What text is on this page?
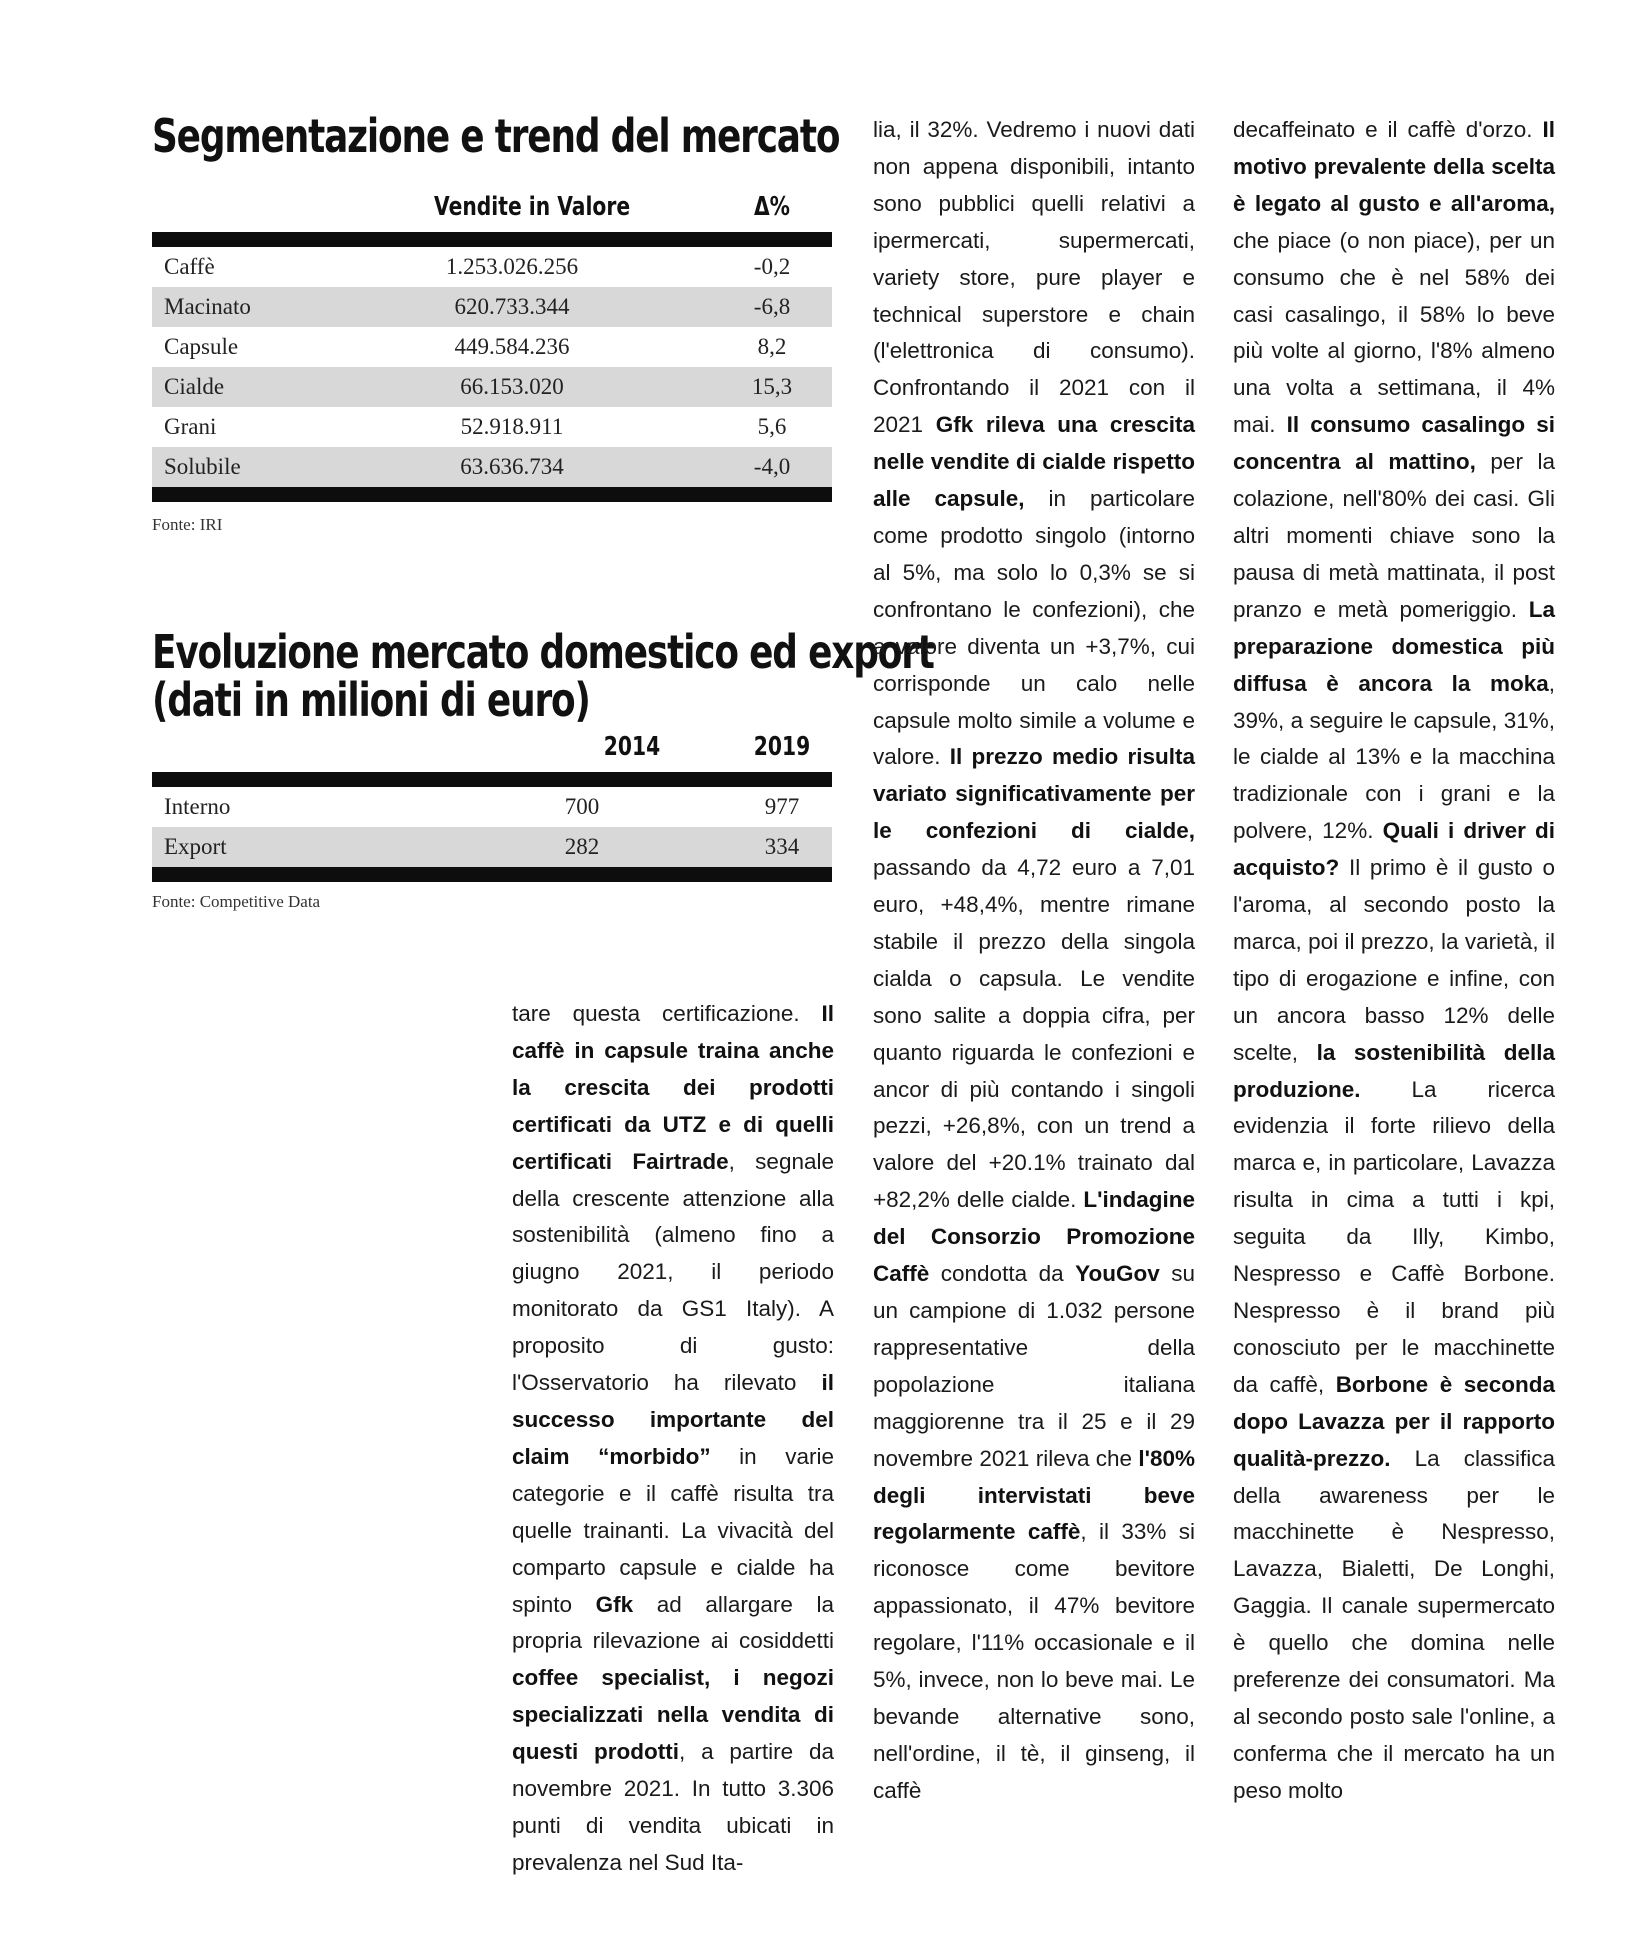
Segmentazione e trend del mercato
Vendite in Valore	Δ%
Caffè	1.253.026.256	-0,2
Macinato	620.733.344	-6,8
Capsule	449.584.236	8,2
Cialde	66.153.020	15,3
Grani	52.918.911	5,6
Solubile	63.636.734	-4,0
Fonte: IRI
Evoluzione mercato domestico ed export
(dati in milioni di euro)
2014	2019
Interno	700	977
Export	282	334
Fonte: Competitive Data

tare questa certificazione. Il caffè in capsule traina anche la crescita dei prodotti certificati da UTZ e di quelli certificati Fairtrade, segnale della crescente attenzione alla sostenibilità (almeno fino a giugno 2021, il periodo monitorato da GS1 Italy). A proposito di gusto: l'Osservatorio ha rilevato il successo importante del claim “morbido” in varie categorie e il caffè risulta tra quelle trainanti. La vivacità del comparto capsule e cialde ha spinto Gfk ad allargare la propria rilevazione ai cosiddetti coffee specialist, i negozi specializzati nella vendita di questi prodotti, a partire da novembre 2021. In tutto 3.306 punti di vendita ubicati in prevalenza nel Sud Ita-

lia, il 32%. Vedremo i nuovi dati non appena disponibili, intanto sono pubblici quelli relativi a ipermercati, supermercati, variety store, pure player e technical superstore e chain (l'elettronica di consumo). Confrontando il 2021 con il 2021 Gfk rileva una crescita nelle vendite di cialde rispetto alle capsule, in particolare come prodotto singolo (intorno al 5%, ma solo lo 0,3% se si confrontano le confezioni), che a valore diventa un +3,7%, cui corrisponde un calo nelle capsule molto simile a volume e valore. Il prezzo medio risulta variato significativamente per le confezioni di cialde, passando da 4,72 euro a 7,01 euro, +48,4%, mentre rimane stabile il prezzo della singola cialda o capsula. Le vendite sono salite a doppia cifra, per quanto riguarda le confezioni e ancor di più contando i singoli pezzi, +26,8%, con un trend a valore del +20.1% trainato dal +82,2% delle cialde. L'indagine del Consorzio Promozione Caffè condotta da YouGov su un campione di 1.032 persone rappresentative della popolazione italiana maggiorenne tra il 25 e il 29 novembre 2021 rileva che l'80% degli intervistati beve regolarmente caffè, il 33% si riconosce come bevitore appassionato, il 47% bevitore regolare, l'11% occasionale e il 5%, invece, non lo beve mai. Le bevande alternative sono, nell'ordine, il tè, il ginseng, il caffè

decaffeinato e il caffè d'orzo. Il motivo prevalente della scelta è legato al gusto e all'aroma, che piace (o non piace), per un consumo che è nel 58% dei casi casalingo, il 58% lo beve più volte al giorno, l'8% almeno una volta a settimana, il 4% mai. Il consumo casalingo si concentra al mattino, per la colazione, nell'80% dei casi. Gli altri momenti chiave sono la pausa di metà mattinata, il post pranzo e metà pomeriggio. La preparazione domestica più diffusa è ancora la moka, 39%, a seguire le capsule, 31%, le cialde al 13% e la macchina tradizionale con i grani e la polvere, 12%. Quali i driver di acquisto? Il primo è il gusto o l'aroma, al secondo posto la marca, poi il prezzo, la varietà, il tipo di erogazione e infine, con un ancora basso 12% delle scelte, la sostenibilità della produzione. La ricerca evidenzia il forte rilievo della marca e, in particolare, Lavazza risulta in cima a tutti i kpi, seguita da Illy, Kimbo, Nespresso e Caffè Borbone. Nespresso è il brand più conosciuto per le macchinette da caffè, Borbone è seconda dopo Lavazza per il rapporto qualità-prezzo. La classifica della awareness per le macchinette è Nespresso, Lavazza, Bialetti, De Longhi, Gaggia. Il canale supermercato è quello che domina nelle preferenze dei consumatori. Ma al secondo posto sale l'online, a conferma che il mercato ha un peso molto
